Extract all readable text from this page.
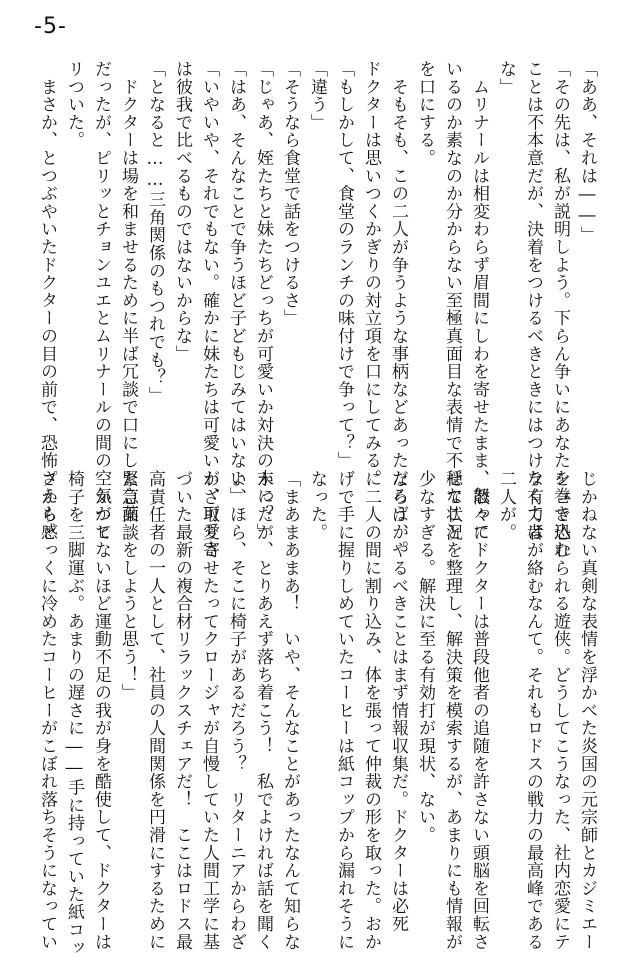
-5-
「ああ、それは――」
「その先は、私が説明しよう。下らん争いにあなたを巻き込む
ことは不本意だが、決着をつけるべきときにはつけなくては
な」
　ムリナールは相変わらず眉間にしわを寄せたまま、怒って
いるのか素なのか分からない至極真面目な表情で不穏なこと
を口にする。
　そもそも、この二人が争うような事柄などあっただろうか。
ドクターは思いつくかぎりの対立項を口にしてみる。
「もしかして、食堂のランチの味付けで争って？」
「違う」
「そうなら食堂で話をつけるさ」
「じゃあ、姪たちと妹たちどっちが可愛いか対決の末に？」
「はあ、そんなことで争うほど子どもじみてはいない」
「いやいや、それでもない。確かに妹たちは可愛いが、可愛さ
は彼我で比べるものではないからな」
「となると……三角関係のもつれでも？」
　ドクターは場を和ませるために半ば冗談で口にした言葉
だったが、ピリッとチョンユエとムリナールの間の空気がヒ
リついた。
　まさか、とつぶやいたドクターの目の前で、恐怖さえも感
じかねない真剣な表情を浮かべた炎国の元宗師とカジミエー
シュで恐れられる遊侠。どうしてこうなった、社内恋愛にテ
ラ有力者が絡むなんて。それもロドスの戦力の最高峰である
二人が。
　散々にドクターは普段他者の追随を許さない頭脳を回転さ
せて状況を整理し、解決策を模索するが、あまりにも情報が
少なすぎる。解決に至る有効打が現状、ない。
ならば、やるべきことはまず情報収集だ。ドクターは必死
に二人の間に割り込み、体を張って仲裁の形を取った。おか
げで手に握りしめていたコーヒーは紙コップから漏れそうに
なった。
「まあまあまあ！　いや、そんなことがあったなんて知らな
かったが、とりあえず落ち着こう！　私でよければ話を聞く
よ、ほら、そこに椅子があるだろう？　リターニアからわざ
わざ取り寄せたってクロージャが自慢していた人間工学に基
づいた最新の複合材リラックスチェアだ！　ここはロドス最
高責任者の一人として、社員の人間関係を円滑にするために
緊急面談をしようと思う！」
　かつてないほど運動不足の我が身を酷使して、ドクターは
椅子を三脚運ぶ。あまりの遅さに――手に持っていた紙コッ
プからとっくに冷めたコーヒーがこぼれ落ちそうになってい
